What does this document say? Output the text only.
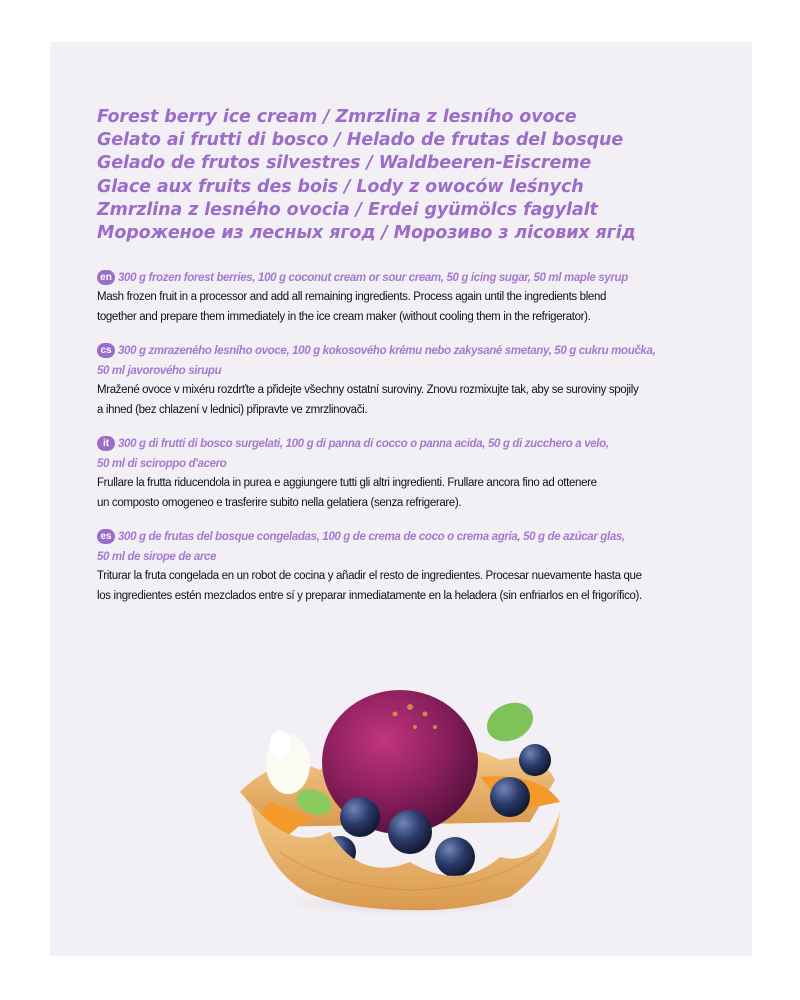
Forest berry ice cream / Zmrzlina z lesního ovoce
Gelato ai frutti di bosco / Helado de frutas del bosque
Gelado de frutos silvestres / Waldbeeren-Eiscreme
Glace aux fruits des bois / Lody z owoców leśnych
Zmrzlina z lesného ovocia / Erdei gyümölcs fagylalt
Мороженое из лесных ягод / Морозиво з лісових ягід
en 300 g frozen forest berries, 100 g coconut cream or sour cream, 50 g icing sugar, 50 ml maple syrup
Mash frozen fruit in a processor and add all remaining ingredients. Process again until the ingredients blend
together and prepare them immediately in the ice cream maker (without cooling them in the refrigerator).
cs 300 g zmrazeného lesního ovoce, 100 g kokosového krému nebo zakysané smetany, 50 g cukru moučka,
50 ml javorového sirupu
Mražené ovoce v mixéru rozdrťte a přidejte všechny ostatní suroviny. Znovu rozmixujte tak, aby se suroviny spojily
a ihned (bez chlazení v lednici) připravte ve zmrzlinovači.
it 300 g di frutti di bosco surgelati, 100 g di panna di cocco o panna acida, 50 g di zucchero a velo,
50 ml di sciroppo d'acero
Frullare la frutta riducendola in purea e aggiungere tutti gli altri ingredienti. Frullare ancora fino ad ottenere
un composto omogeneo e trasferire subito nella gelatiera (senza refrigerare).
es 300 g de frutas del bosque congeladas, 100 g de crema de coco o crema agria, 50 g de azúcar glas,
50 ml de sirope de arce
Triturar la fruta congelada en un robot de cocina y añadir el resto de ingredientes. Procesar nuevamente hasta que
los ingredientes estén mezclados entre sí y preparar inmediatamente en la heladera (sin enfriarlos en el frigorífico).
